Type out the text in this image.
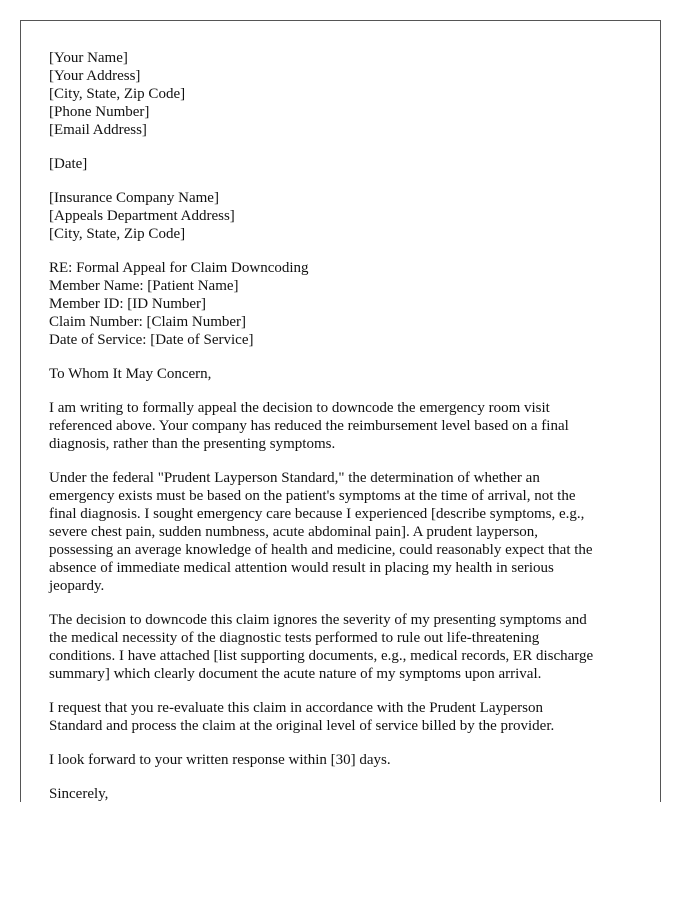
[Your Name]
[Your Address]
[City, State, Zip Code]
[Phone Number]
[Email Address]
[Date]
[Insurance Company Name]
[Appeals Department Address]
[City, State, Zip Code]
RE: Formal Appeal for Claim Downcoding
Member Name: [Patient Name]
Member ID: [ID Number]
Claim Number: [Claim Number]
Date of Service: [Date of Service]
To Whom It May Concern,
I am writing to formally appeal the decision to downcode the emergency room visit
referenced above. Your company has reduced the reimbursement level based on a final
diagnosis, rather than the presenting symptoms.
Under the federal "Prudent Layperson Standard," the determination of whether an
emergency exists must be based on the patient's symptoms at the time of arrival, not the
final diagnosis. I sought emergency care because I experienced [describe symptoms, e.g.,
severe chest pain, sudden numbness, acute abdominal pain]. A prudent layperson,
possessing an average knowledge of health and medicine, could reasonably expect that the
absence of immediate medical attention would result in placing my health in serious
jeopardy.
The decision to downcode this claim ignores the severity of my presenting symptoms and
the medical necessity of the diagnostic tests performed to rule out life-threatening
conditions. I have attached [list supporting documents, e.g., medical records, ER discharge
summary] which clearly document the acute nature of my symptoms upon arrival.
I request that you re-evaluate this claim in accordance with the Prudent Layperson
Standard and process the claim at the original level of service billed by the provider.
I look forward to your written response within [30] days.
Sincerely,
